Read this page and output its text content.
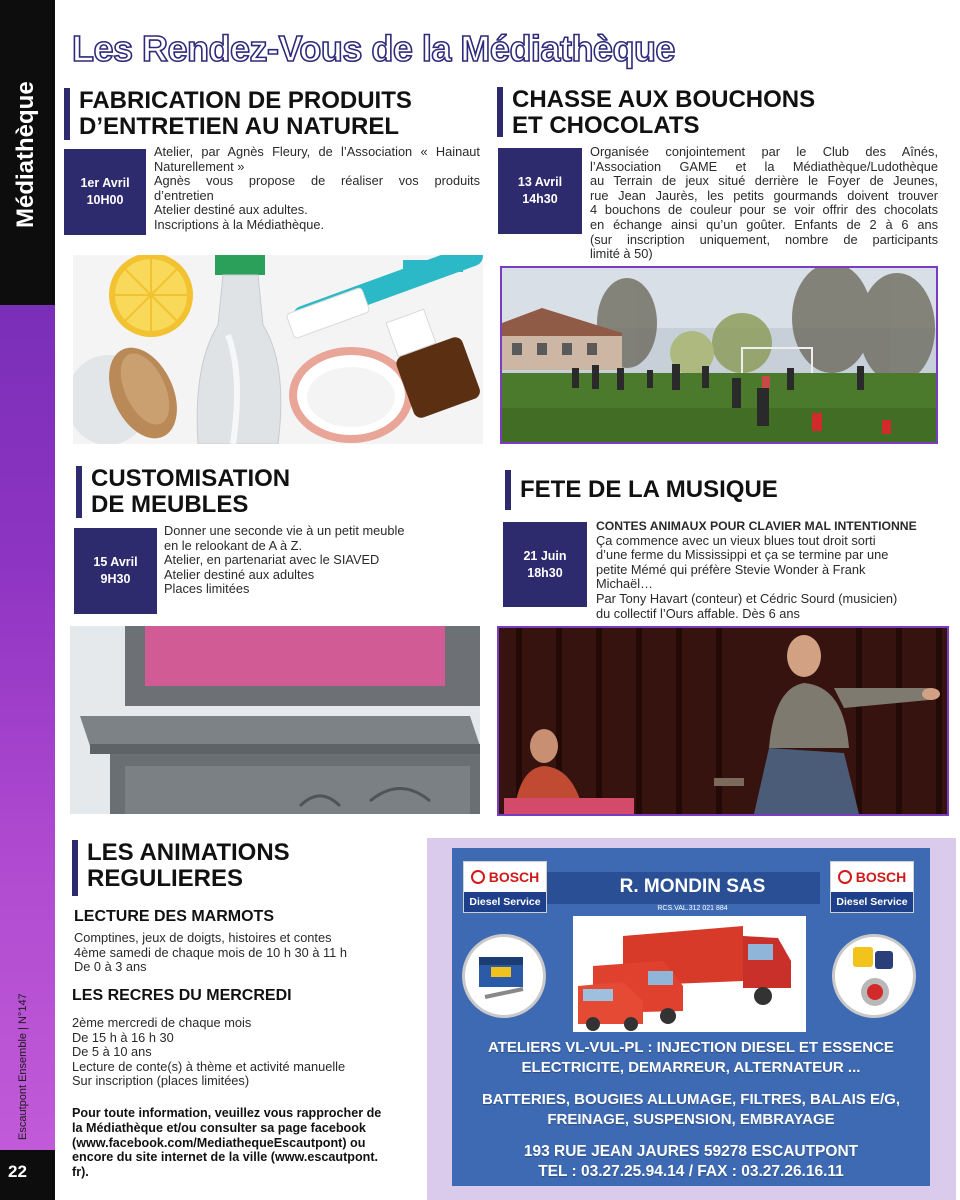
Médiathèque
Escautpont Ensemble | N°147
22
Les Rendez-Vous de la Médiathèque
FABRICATION DE PRODUITS
D’ENTRETIEN AU NATUREL
1er Avril
10H00
Atelier, par Agnès Fleury, de l’Association « Hainaut
Naturellement »
Agnès vous propose de réaliser vos produits
d’entretien
Atelier destiné aux adultes.
Inscriptions à la Médiathèque.
CHASSE AUX BOUCHONS
ET CHOCOLATS
13 Avril
14h30
Organisée conjointement par le Club des Aînés,
l’Association GAME et la Médiathèque/Ludothèque
au Terrain de jeux situé derrière le Foyer de Jeunes,
rue Jean Jaurès, les petits gourmands doivent trouver
4 bouchons de couleur pour se voir offrir des chocolats
en échange ainsi qu’un goûter. Enfants de 2 à 6 ans
(sur inscription uniquement, nombre de participants
limité à 50)
CUSTOMISATION
DE MEUBLES
15 Avril
9H30
Donner une seconde vie à un petit meuble
en le relookant de A à Z.
Atelier, en partenariat avec le SIAVED
Atelier destiné aux adultes
Places limitées
FETE DE LA MUSIQUE
21 Juin
18h30
CONTES ANIMAUX POUR CLAVIER MAL INTENTIONNE
Ça commence avec un vieux blues tout droit sorti
d’une ferme du Mississippi et ça se termine par une
petite Mémé qui préfère Stevie Wonder à Frank
Michaël…
Par Tony Havart (conteur) et Cédric Sourd (musicien)
du collectif l’Ours affable. Dès 6 ans
LES ANIMATIONS
REGULIERES
LECTURE DES MARMOTS
Comptines, jeux de doigts, histoires et contes
4ème samedi de chaque mois de 10 h 30 à 11 h
De 0 à 3 ans
LES RECRES DU MERCREDI
2ème mercredi de chaque mois
De 15 h à 16 h 30
De 5 à 10 ans
Lecture de conte(s) à thème et activité manuelle
Sur inscription (places limitées)
Pour toute information, veuillez vous rapprocher de
la Médiathèque et/ou consulter sa page facebook
(www.facebook.com/MediathequeEscautpont) ou
encore du site internet de la ville (www.escautpont.
fr).
R. MONDIN SAS
RCS.VAL.312 021 884
BOSCH
Diesel Service
BOSCH
Diesel Service
ATELIERS VL-VUL-PL : INJECTION DIESEL ET ESSENCE
ELECTRICITE, DEMARREUR, ALTERNATEUR ...
BATTERIES, BOUGIES ALLUMAGE, FILTRES, BALAIS E/G,
FREINAGE, SUSPENSION, EMBRAYAGE
193 RUE JEAN JAURES 59278 ESCAUTPONT
TEL : 03.27.25.94.14 / FAX : 03.27.26.16.11
